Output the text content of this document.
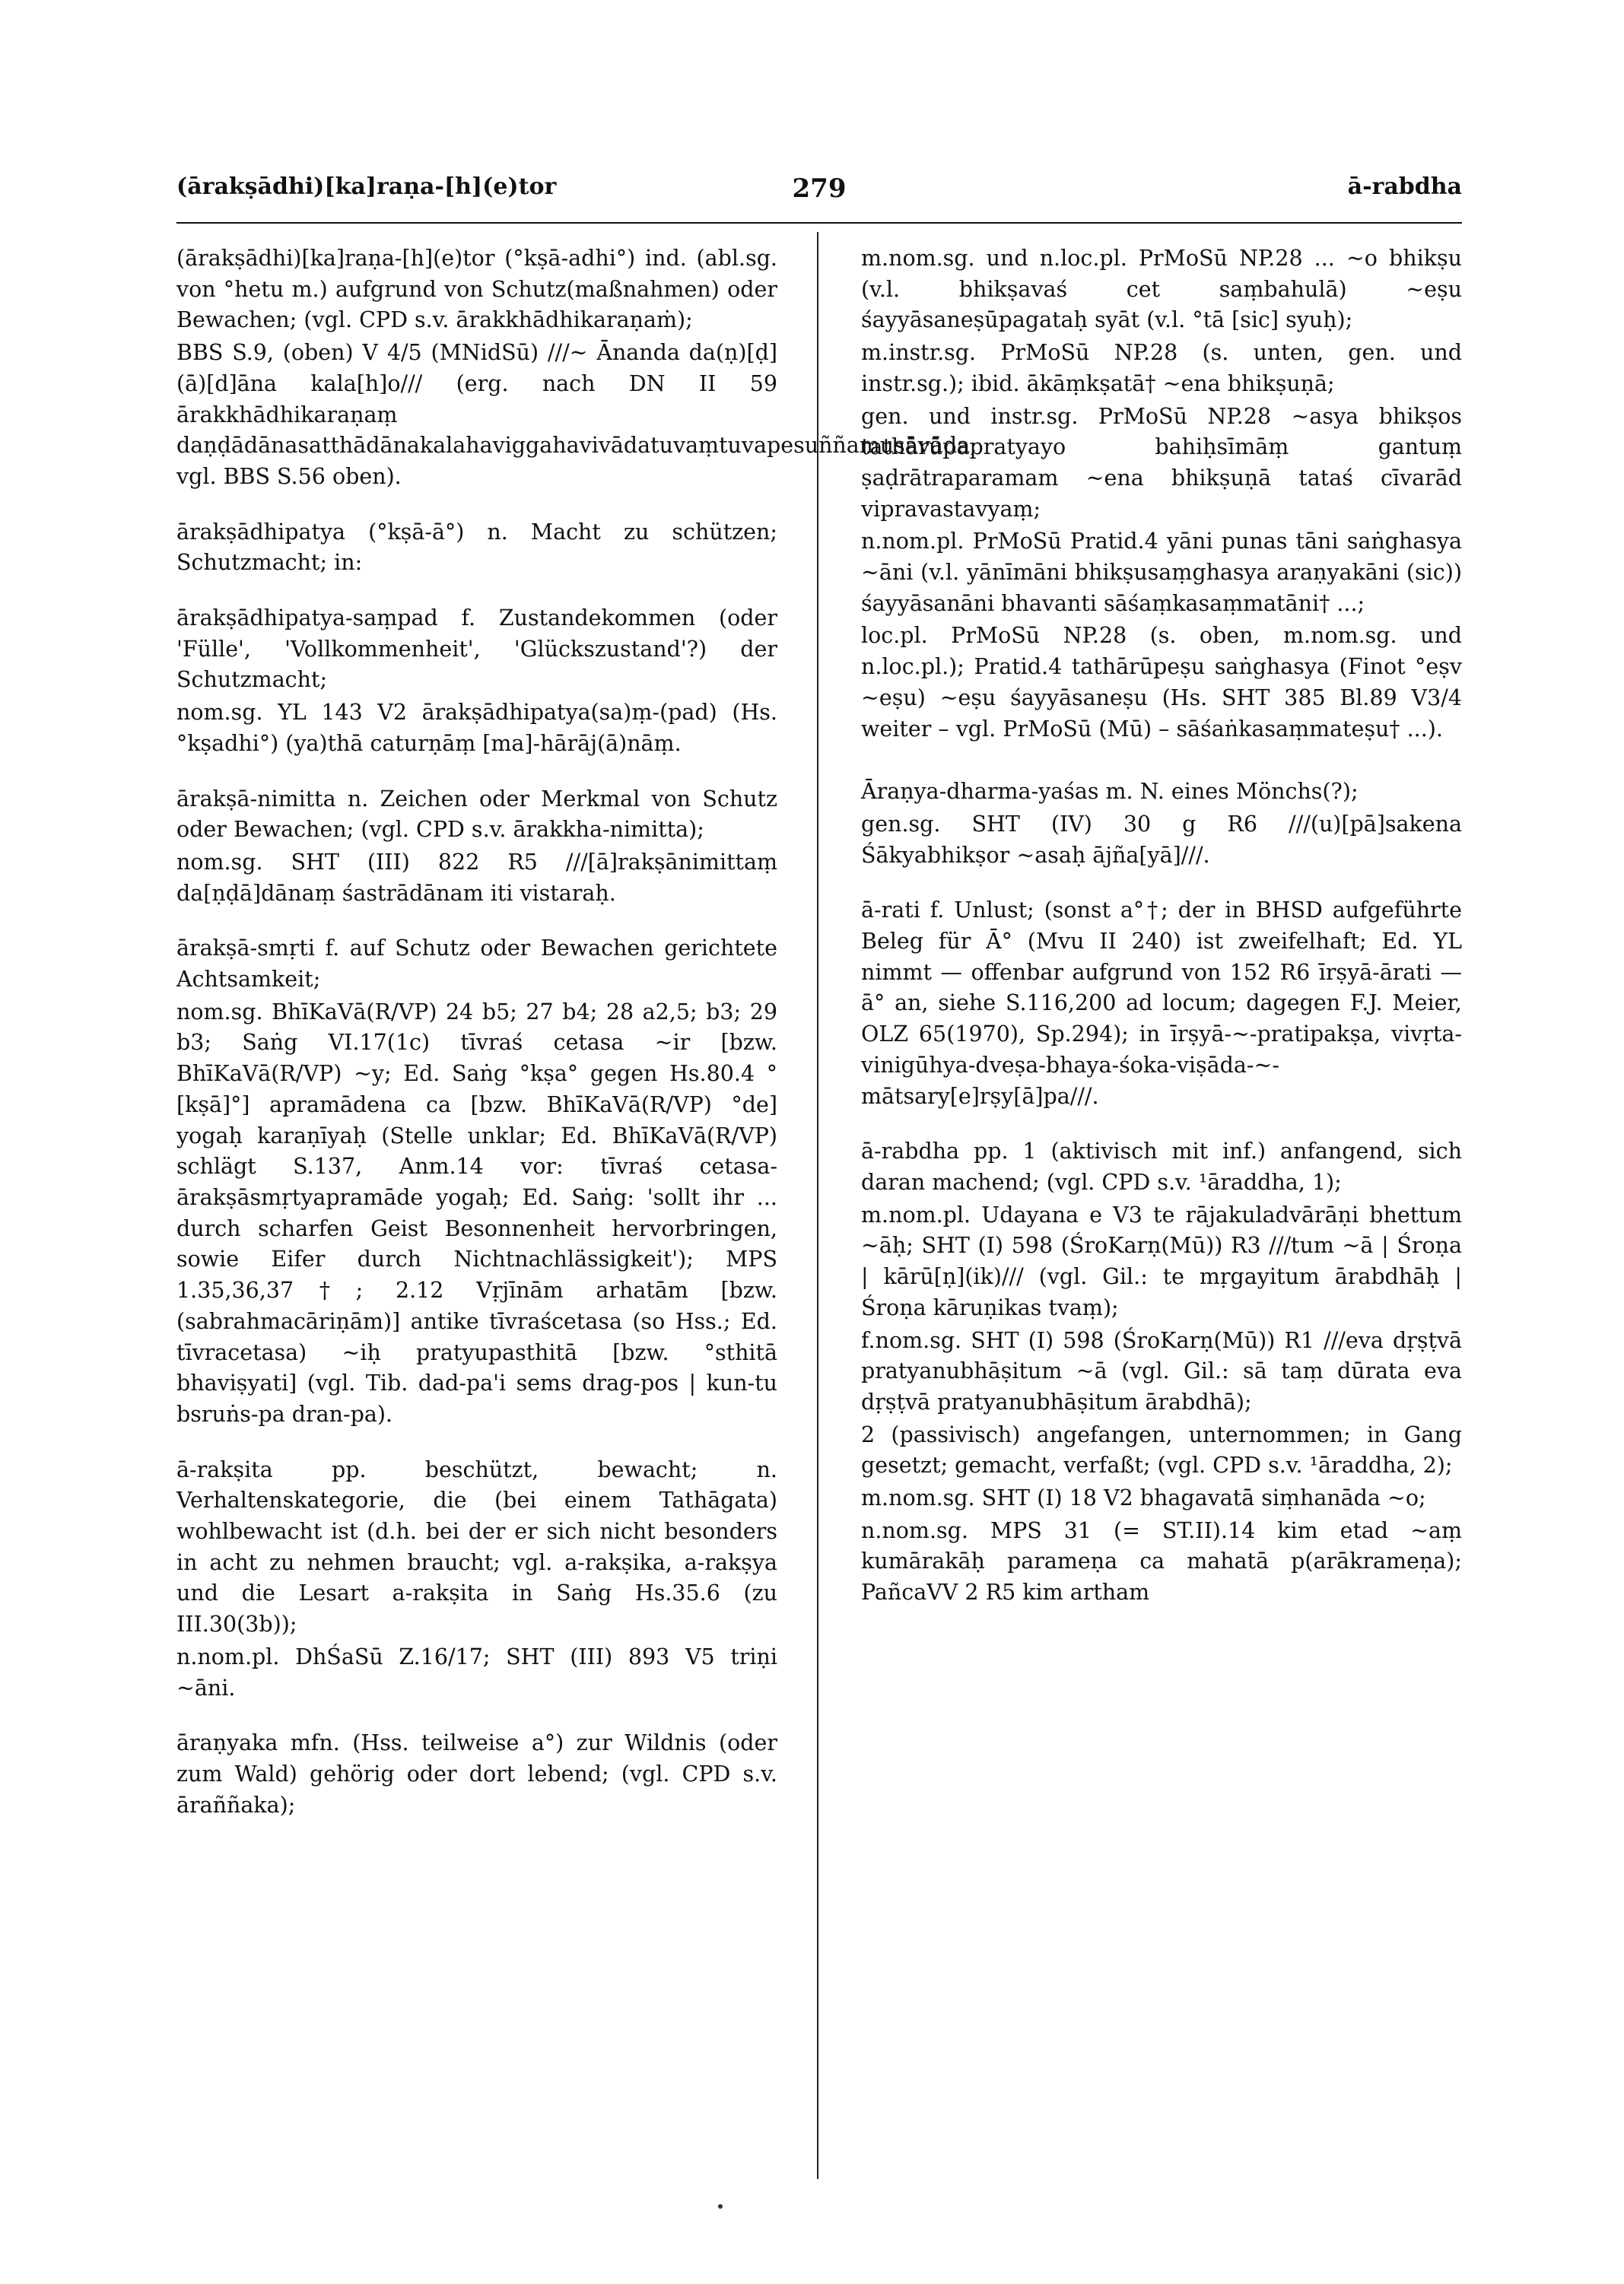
(ārakṣādhi)[ka]raṇa-[h](e)tor	279	ā-rabdha
(ārakṣādhi)[ka]raṇa-[h](e)tor (°kṣā-adhi°) ind. (abl.sg. von °hetu m.) aufgrund von Schutz(maßnahmen) oder Bewachen; (vgl. CPD s.v. ārakkhādhikaraṇaṁ);
BBS S.9, (oben) V 4/5 (MNidSū) ///~ Ānanda da(ṇ)[ḍ](ā)[d]āna kala[h]o/// (erg. nach DN II 59 ārakkhādhikaraṇaṃ daṇḍādānasatthādānakalahaviggahavivādatuvaṃtuvapesuññamusāvāda; vgl. BBS S.56 oben).
ārakṣādhipatya (°kṣā-ā°) n. Macht zu schützen; Schutzmacht; in:
ārakṣādhipatya-saṃpad f. Zustandekommen (oder 'Fülle', 'Vollkommenheit', 'Glückszustand'?) der Schutzmacht;
nom.sg. YL 143 V2 ārakṣādhipatya(sa)ṃ-(pad) (Hs. °kṣadhi°) (ya)thā caturṇāṃ [ma]-hārāj(ā)nāṃ.
ārakṣā-nimitta n. Zeichen oder Merkmal von Schutz oder Bewachen; (vgl. CPD s.v. ārakkha-nimitta);
nom.sg. SHT (III) 822 R5 ///[ā]rakṣānimittaṃ da[ṇḍā]dānaṃ śastrādānam iti vistaraḥ.
ārakṣā-smṛti f. auf Schutz oder Bewachen gerichtete Achtsamkeit;
nom.sg. BhīKaVā(R/VP) 24 b5; 27 b4; 28 a2,5; b3; 29 b3; Saṅg VI.17(1c) tīvraś cetasa ~ir [bzw. BhīKaVā(R/VP) ~y; Ed. Saṅg °kṣa° gegen Hs.80.4 °[kṣā]°] apramādena ca [bzw. BhīKaVā(R/VP) °de] yogaḥ karaṇīyaḥ (Stelle unklar; Ed. BhīKaVā(R/VP) schlägt S.137, Anm.14 vor: tīvraś cetasa-ārakṣāsmṛtyapramāde yogaḥ; Ed. Saṅg: 'sollt ihr ... durch scharfen Geist Besonnenheit hervorbringen, sowie Eifer durch Nichtnachlässigkeit'); MPS 1.35,36,37†; 2.12 Vṛjīnām arhatām [bzw. (sabrahmacāriṇām)] antike tīvraścetasa (so Hss.; Ed. tīvracetasa) ~iḥ pratyupasthitā [bzw. °sthitā bhaviṣyati] (vgl. Tib. dad-pa'i sems drag-pos | kun-tu bsruṅs-pa dran-pa).
ā-rakṣita pp. beschützt, bewacht; n. Verhaltenskategorie, die (bei einem Tathāgata) wohlbewacht ist (d.h. bei der er sich nicht besonders in acht zu nehmen braucht; vgl. a-rakṣika, a-rakṣya und die Lesart a-rakṣita in Saṅg Hs.35.6 (zu III.30(3b));
n.nom.pl. DhŚaSū Z.16/17; SHT (III) 893 V5 triṇi ~āni.
āraṇyaka mfn. (Hss. teilweise a°) zur Wildnis (oder zum Wald) gehörig oder dort lebend; (vgl. CPD s.v. āraññaka);
m.nom.sg. und n.loc.pl. PrMoSū NP.28 ... ~o bhikṣu (v.l. bhikṣavaś cet saṃbahulā) ~eṣu śayyāsaneṣūpagataḥ syāt (v.l. °tā [sic] syuḥ);
m.instr.sg. PrMoSū NP.28 (s. unten, gen. und instr.sg.); ibid. ākāṃkṣatā† ~ena bhikṣuṇā;
gen. und instr.sg. PrMoSū NP.28 ~asya bhikṣos tathārūpapratyayo bahiḥsīmāṃ gantuṃ ṣaḍrātraparamam ~ena bhikṣuṇā tataś cīvarād vipravastavyaṃ;
n.nom.pl. PrMoSū Pratid.4 yāni punas tāni saṅghasya ~āni (v.l. yānīmāni bhikṣusaṃghasya araṇyakāni (sic)) śayyāsanāni bhavanti sāśaṃkasaṃmatāni† ...;
loc.pl. PrMoSū NP.28 (s. oben, m.nom.sg. und n.loc.pl.); Pratid.4 tathārūpeṣu saṅghasya (Finot °eṣv ~eṣu) ~eṣu śayyāsaneṣu (Hs. SHT 385 Bl.89 V3/4 weiter – vgl. PrMoSū (Mū) – sāśaṅkasaṃmateṣu† ...).
Āraṇya-dharma-yaśas m. N. eines Mönchs(?);
gen.sg. SHT (IV) 30 g R6 ///(u)[pā]sakena Śākyabhikṣor ~asaḥ ājña[yā]///.
ā-rati f. Unlust; (sonst a°†; der in BHSD aufgeführte Beleg für Ā° (Mvu II 240) ist zweifelhaft; Ed. YL nimmt — offenbar aufgrund von 152 R6 īrṣyā-ārati — ā° an, siehe S.116,200 ad locum; dagegen F.J. Meier, OLZ 65(1970), Sp.294); in īrṣyā-~-pratipakṣa, vivṛta-vinigūhya-dveṣa-bhaya-śoka-viṣāda-~-mātsary[e]rṣy[ā]pa///.
ā-rabdha pp. 1 (aktivisch mit inf.) anfangend, sich daran machend; (vgl. CPD s.v. ¹āraddha, 1);
m.nom.pl. Udayana e V3 te rājakuladvārāṇi bhettum ~āḥ; SHT (I) 598 (ŚroKarṇ(Mū)) R3 ///tum ~ā | Śroṇa | kārū[ṇ](ik)/// (vgl. Gil.: te mṛgayitum ārabdhāḥ | Śroṇa kāruṇikas tvaṃ);
f.nom.sg. SHT (I) 598 (ŚroKarṇ(Mū)) R1 ///eva dṛṣṭvā pratyanubhāṣitum ~ā (vgl. Gil.: sā taṃ dūrata eva dṛṣṭvā pratyanubhāṣitum ārabdhā);
2 (passivisch) angefangen, unternommen; in Gang gesetzt; gemacht, verfaßt; (vgl. CPD s.v. ¹āraddha, 2);
m.nom.sg. SHT (I) 18 V2 bhagavatā siṃhanāda ~o;
n.nom.sg. MPS 31 (= ST.II).14 kim etad ~aṃ kumārakāḥ parameṇa ca mahatā p(arākrameṇa); PañcaVV 2 R5 kim artham
